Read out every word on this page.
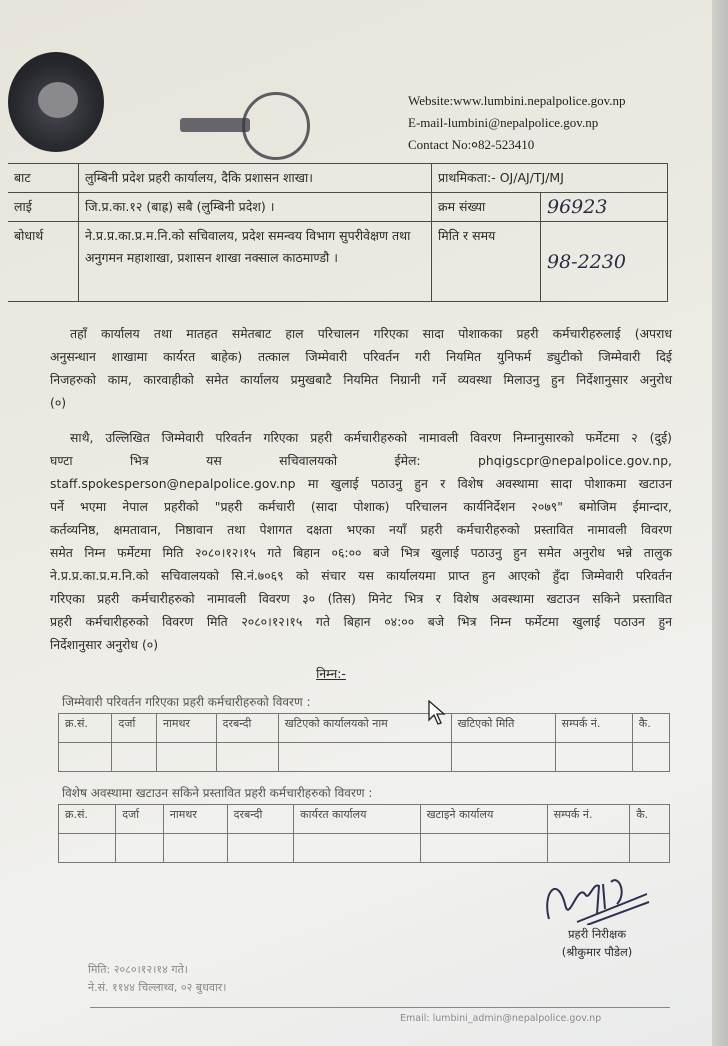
Website:www.lumbini.nepalpolice.gov.np
E-mail-lumbini@nepalpolice.gov.np
Contact No:०82-523410
बाट	लुम्बिनी प्रदेश प्रहरी कार्यालय, दैकि प्रशासन शाखा।	प्राथमिकता:- OJ/AJ/TJ/MJ	
लाई	जि.प्र.का.१२ (बाह्र) सबै (लुम्बिनी प्रदेश) ।	क्रम संख्या	96923
बोधार्थ	ने.प्र.प्र.का.प्र.म.नि.को सचिवालय, प्रदेश समन्वय विभाग सुपरीवेक्षण तथा अनुगमन महाशाखा, प्रशासन शाखा नक्साल काठमाण्डौ ।	मिति र समय	98-2230
तहाँ कार्यालय तथा मातहत समेतबाट हाल परिचालन गरिएका सादा पोशाकका प्रहरी कर्मचारीहरुलाई (अपराध
अनुसन्धान शाखामा कार्यरत बाहेक) तत्काल जिम्मेवारी परिवर्तन गरी नियमित युनिफर्म ड्युटीको जिम्मेवारी दिई
निजहरुको काम, कारवाहीको समेत कार्यालय प्रमुखबाटै नियमित निग्रानी गर्ने व्यवस्था मिलाउनु हुन निर्देशानुसार अनुरोध
(०)
साथै, उल्लिखित जिम्मेवारी परिवर्तन गरिएका प्रहरी कर्मचारीहरुको नामावली विवरण निम्नानुसारको फर्मेटमा २ (दुई)
घण्टा भित्र यस सचिवालयको ईमेल: phqigscpr@nepalpolice.gov.np,
staff.spokesperson@nepalpolice.gov.np मा खुलाई पठाउनु हुन र विशेष अवस्थामा सादा पोशाकमा खटाउन
पर्ने भएमा नेपाल प्रहरीको "प्रहरी कर्मचारी (सादा पोशाक) परिचालन कार्यनिर्देशन २०७९" बमोजिम ईमान्दार,
कर्तव्यनिष्ठ, क्षमतावान, निष्ठावान तथा पेशागत दक्षता भएका नयाँ प्रहरी कर्मचारीहरुको प्रस्तावित नामावली विवरण
समेत निम्न फर्मेटमा मिति २०८०।१२।१५ गते बिहान ०६:०० बजे भित्र खुलाई पठाउनु हुन समेत अनुरोध भन्ने तालुक
ने.प्र.प्र.का.प्र.म.नि.को सचिवालयको सि.नं.७०६९ को संचार यस कार्यालयमा प्राप्त हुन आएको हुँदा जिम्मेवारी परिवर्तन
गरिएका प्रहरी कर्मचारीहरुको नामावली विवरण ३० (तिस) मिनेट भित्र र विशेष अवस्थामा खटाउन सकिने प्रस्तावित
प्रहरी कर्मचारीहरुको विवरण मिति २०८०।१२।१५ गते बिहान ०४:०० बजे भित्र निम्न फर्मेटमा खुलाई पठाउन हुन
निर्देशानुसार अनुरोध (०)
निम्न:-
जिम्मेवारी परिवर्तन गरिएका प्रहरी कर्मचारीहरुको विवरण :
क्र.सं.	दर्जा	नामथर	दरबन्दी	खटिएको कार्यालयको नाम	खटिएको मिति	सम्पर्क नं.	कै.

विशेष अवस्थामा खटाउन सकिने प्रस्तावित प्रहरी कर्मचारीहरुको विवरण :
क्र.सं.	दर्जा	नामथर	दरबन्दी	कार्यरत कार्यालय	खटाइने कार्यालय	सम्पर्क नं.	कै.

प्रहरी निरीक्षक
(श्रीकुमार पौडेल)
मिति: २०८०।१२।१४ गते।
ने.सं. ११४४ चिल्लाथ्व, ०२ बुधवार।
Email: lumbini_admin@nepalpolice.gov.np
